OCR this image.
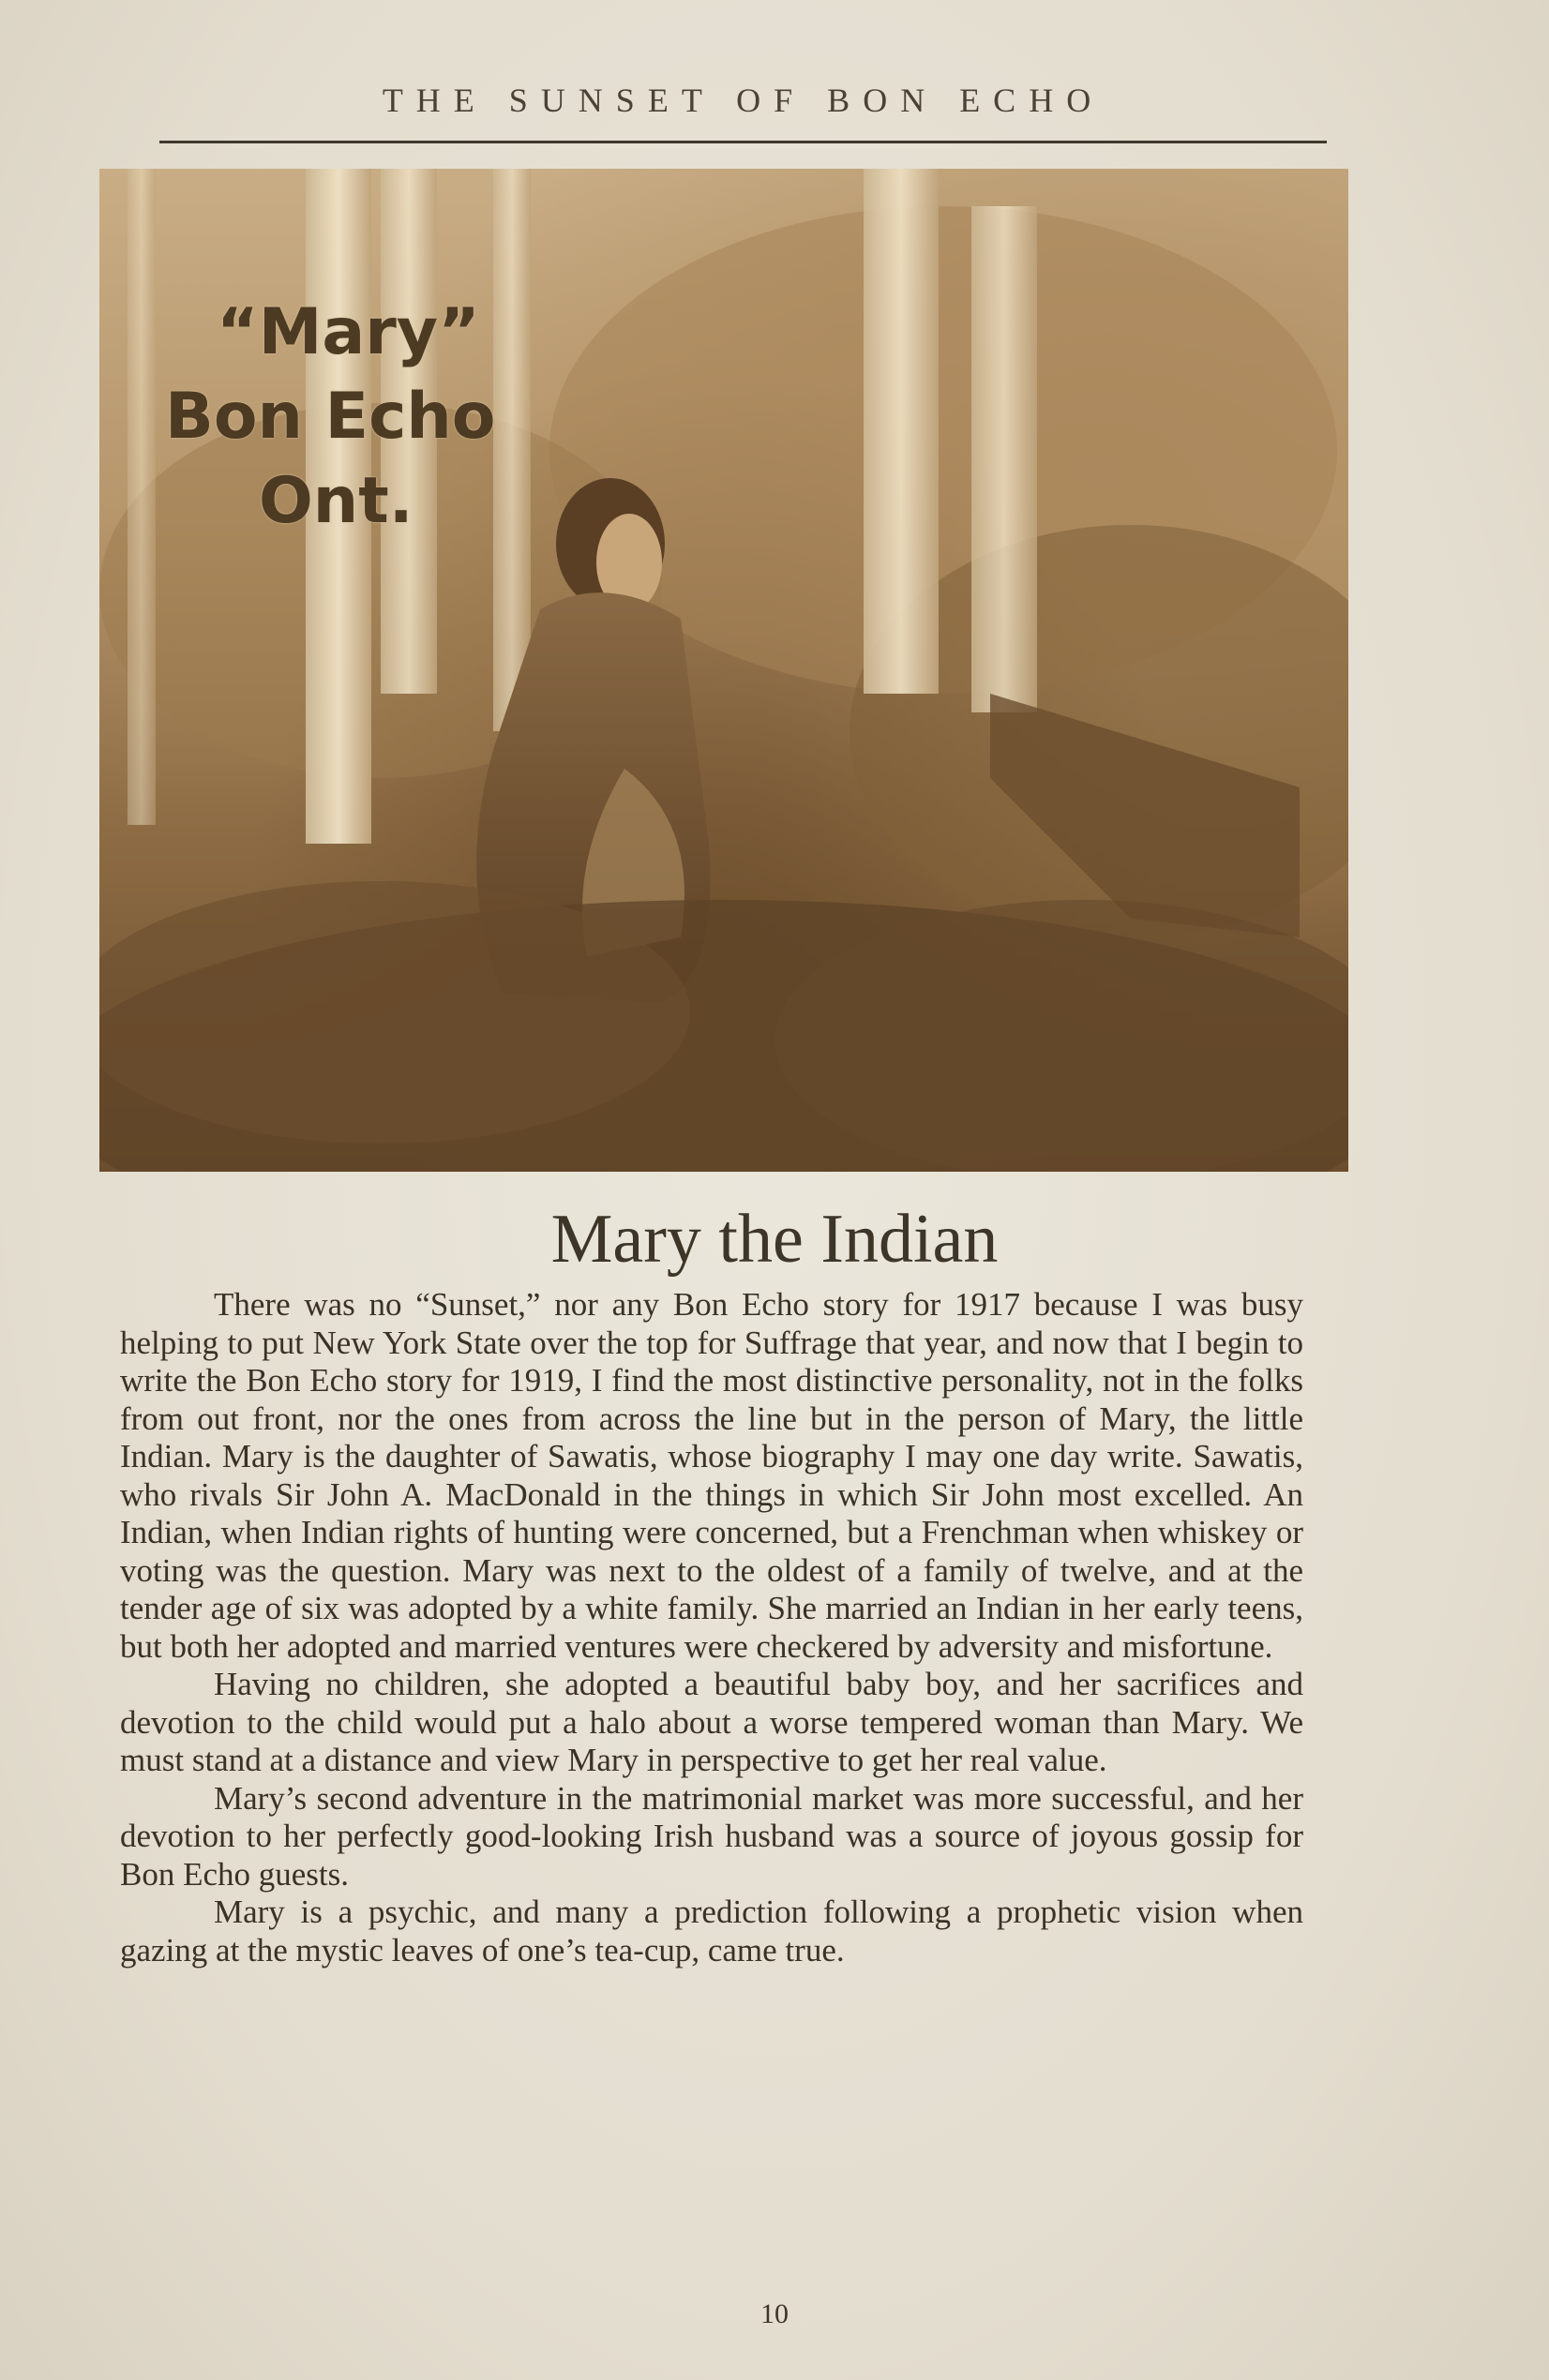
THE SUNSET OF BON ECHO
“Mary”
Bon Echo
Ont.
Mary the Indian

There was no “Sunset,” nor any Bon Echo story for 1917 because I was busy helping to put New York State over the top for Suffrage that year, and now that I begin to write the Bon Echo story for 1919, I find the most distinctive personality, not in the folks from out front, nor the ones from across the line but in the person of Mary, the little Indian. Mary is the daughter of Sawatis, whose biography I may one day write. Sawatis, who rivals Sir John A. MacDonald in the things in which Sir John most excelled. An Indian, when Indian rights of hunting were concerned, but a Frenchman when whiskey or voting was the question. Mary was next to the oldest of a family of twelve, and at the tender age of six was adopted by a white family. She married an Indian in her early teens, but both her adopted and married ventures were checkered by adversity and misfortune.

Having no children, she adopted a beautiful baby boy, and her sacrifices and devotion to the child would put a halo about a worse tempered woman than Mary. We must stand at a distance and view Mary in perspective to get her real value.

Mary’s second adventure in the matrimonial market was more successful, and her devotion to her perfectly good-looking Irish husband was a source of joyous gossip for Bon Echo guests.

Mary is a psychic, and many a prediction following a prophetic vision when gazing at the mystic leaves of one’s tea-cup, came true.

10
